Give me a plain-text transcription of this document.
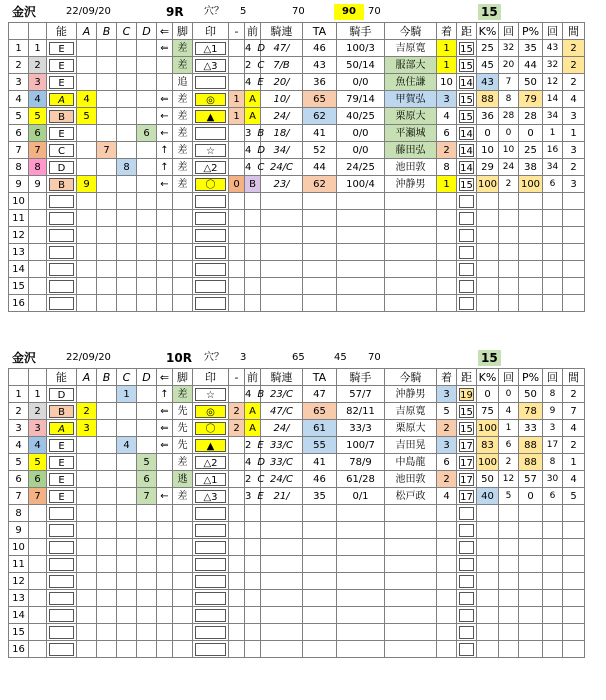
金沢	22/09/20	9R 穴？ 5	70	90	70	15
		能	A	B	C	D	⇐	脚	印	-	前	騎連	TA	騎手	今騎	着	距	K%	回	P%	回	間
1	1	E					⇐	差	△1		4 D	47/	46	100/3	吉原寛	1	15	25	32	35	43	2
2	2	E						差	△3		2 C	7/B	43	50/14	服部大	1	15	45	20	44	32	2
3	3	E						追			4 E	20/	36	0/0	魚住謙	10	14	43	7	50	12	2
4	4	A	4				⇐	差	◎	1	A	10/	65	79/14	甲賀弘	3	15	88	8	79	14	4
5	5	B	5				←	差	▲	1	A	24/	62	40/25	栗原大	4	15	36	28	28	34	3
6	6	E				6	←	差			3 B	18/	41	0/0	平瀬城	6	14	0	0	0	1	1
7	7	C		7			↑	差	☆		4 D	34/	52	0/0	藤田弘	2	14	10	10	25	16	3
8	8	D			8		↑	差	△2		4 C	24/C	44	24/25	池田敦	8	14	29	24	38	34	2
9	9	B	9				←	差	〇	0	B	23/	62	100/4	沖静男	1	15	100	2	100	6	3
10		

11		

12		

13		

14		

15		

16		

金沢	22/09/20	10R 穴？ 3	65	45 70	15
		能	A	B	C	D	⇐	脚	印	-	前	騎連	TA	騎手	今騎	着	距	K%	回	P%	回	間
1	1	D			1		↑	差	☆		4 B	23/C	47	57/7	沖静男	3	19	0	0	50	8	2
2	2	B	2				⇐	先	◎	2	A	47/C	65	82/11	吉原寛	5	15	75	4	78	9	7
3	3	A	3				⇐	先	〇	2	A	24/	61	33/3	栗原大	2	15	100	1	33	3	4
4	4	E			4		⇐	先	▲		2 E	33/C	55	100/7	吉田晃	3	17	83	6	88	17	2
5	5	E				5		差	△2		4 D	33/C	41	78/9	中島龍	6	17	100	2	88	8	1
6	6	E				6		逃	△1		2 C	24/C	46	61/28	池田敦	2	17	50	12	57	30	4
7	7	E				7	←	差	△3		3 E	21/	35	0/1	松戸政	4	17	40	5	0	6	5
8		

9		

10		

11		

12		

13		

14		

15		

16		
